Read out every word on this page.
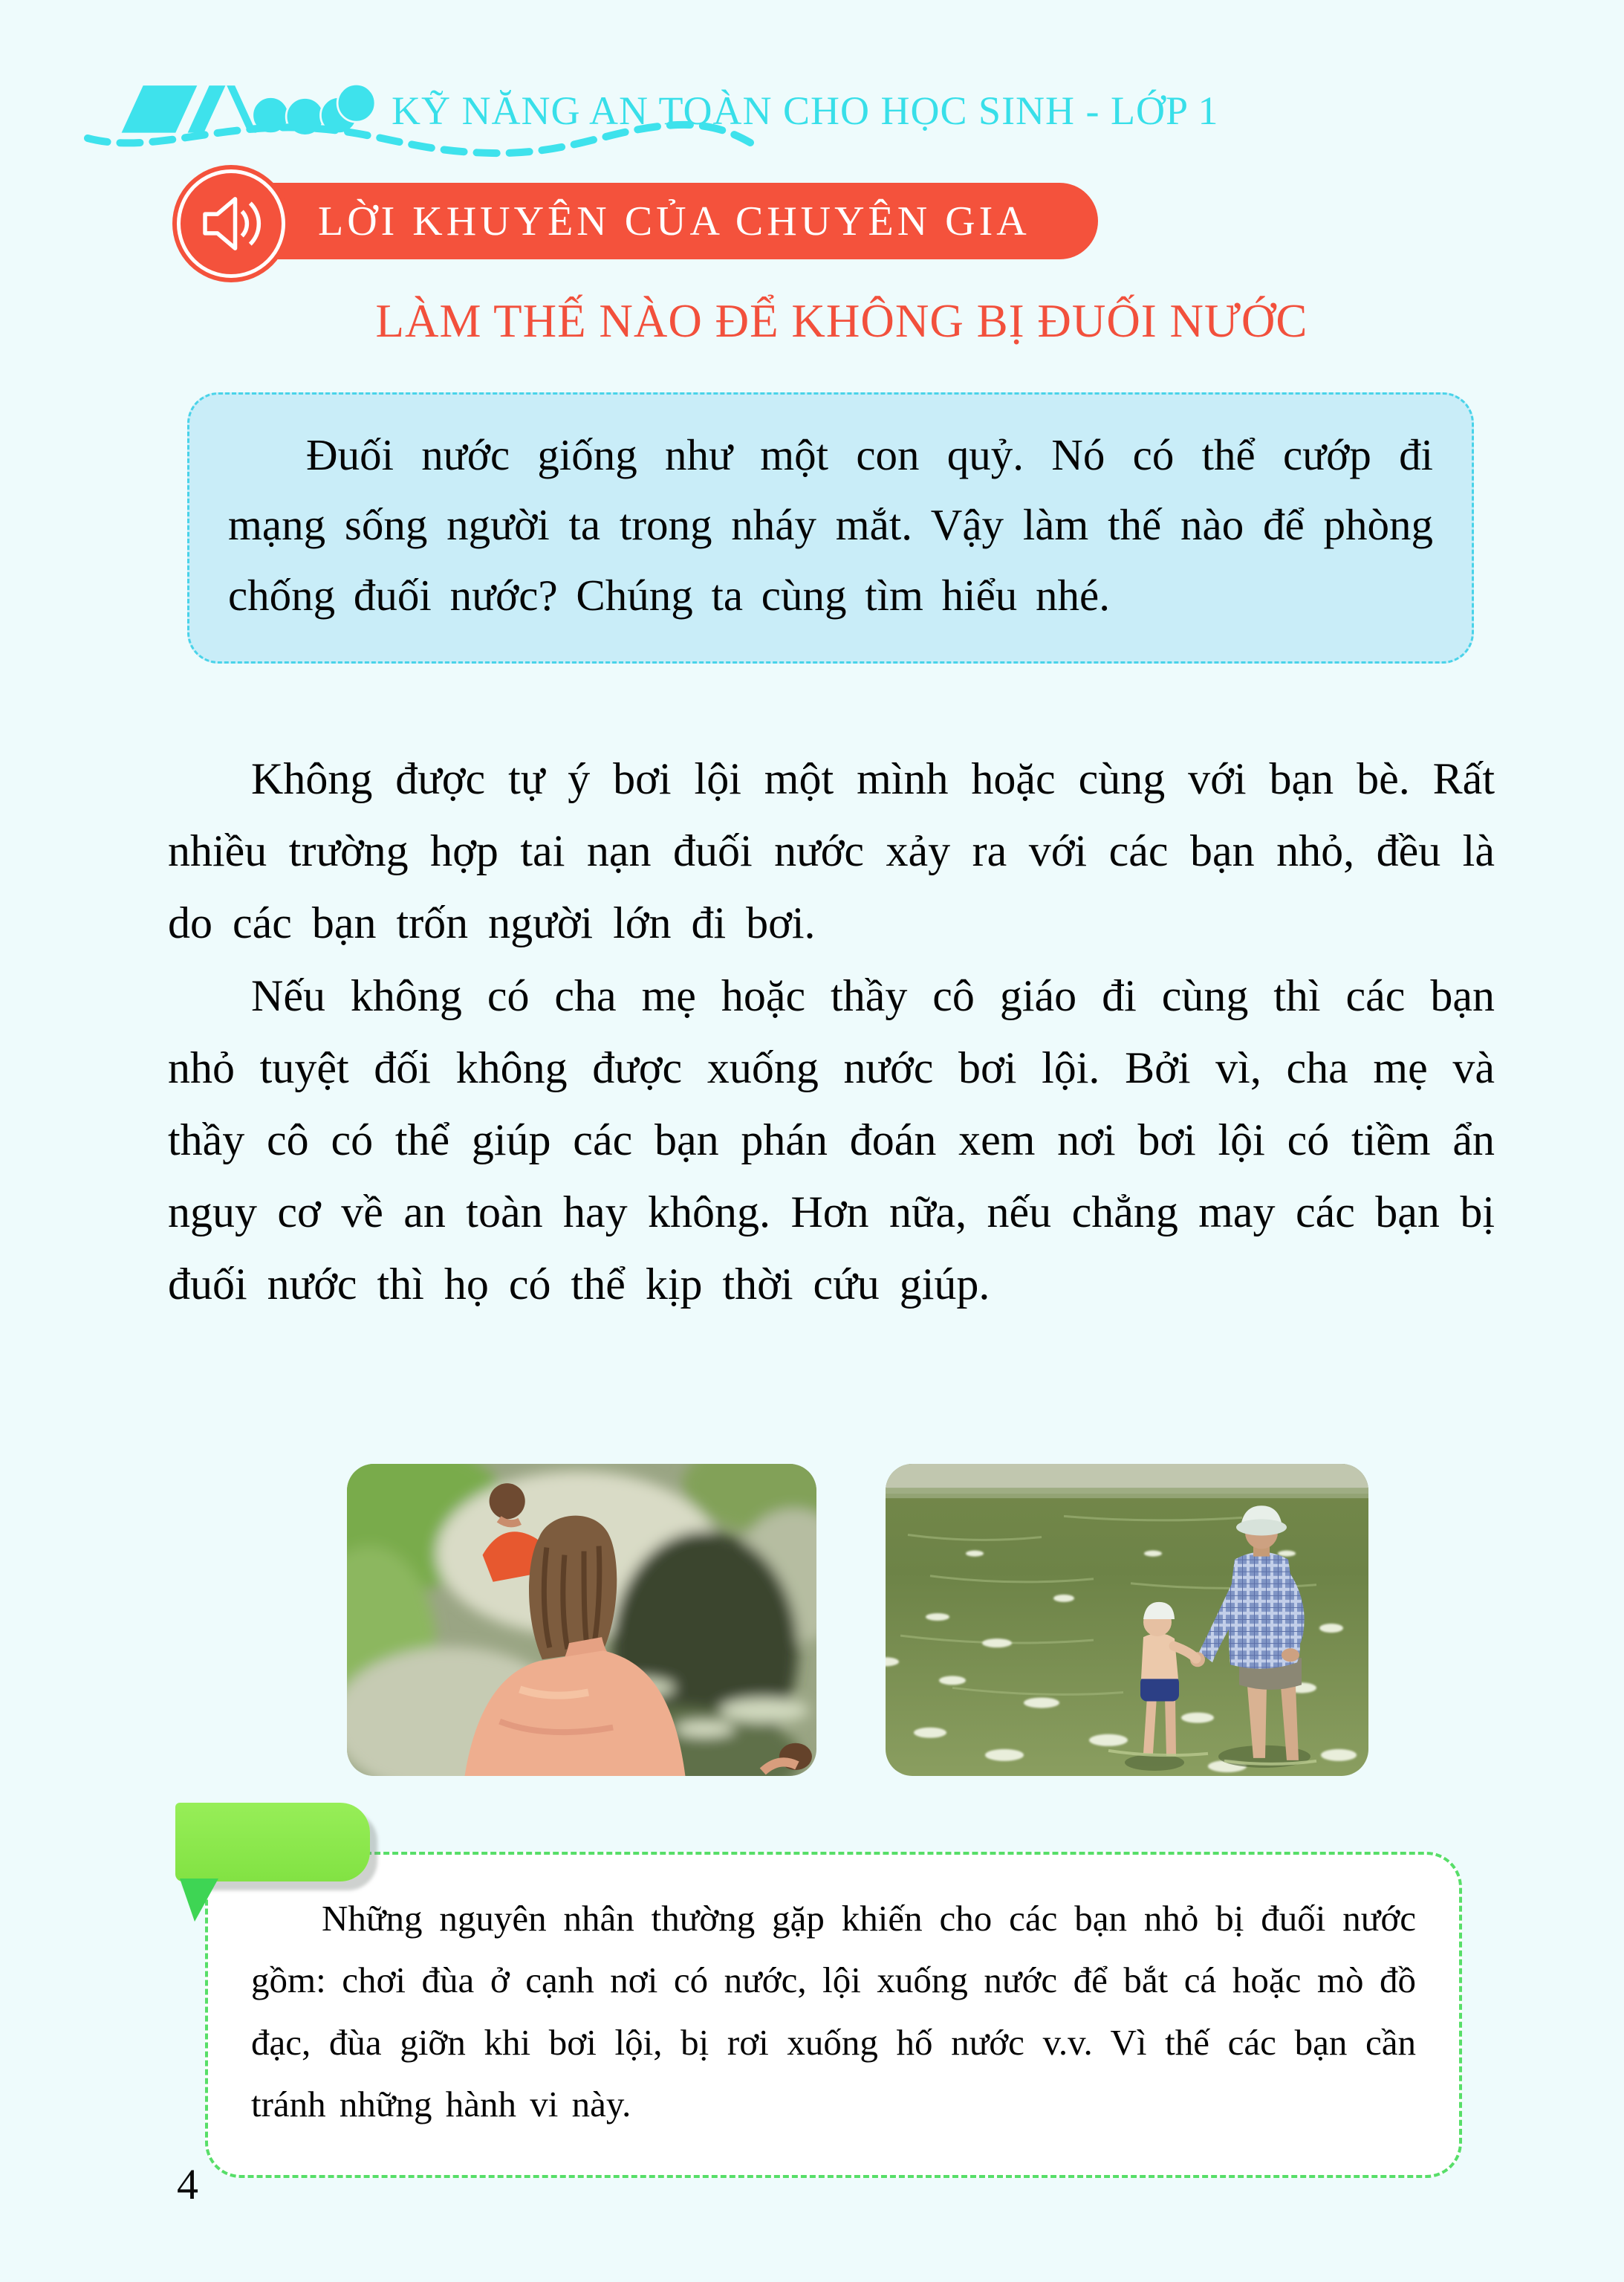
KỸ NĂNG AN TOÀN CHO HỌC SINH - LỚP 1
LỜI KHUYÊN CỦA CHUYÊN GIA
LÀM THẾ NÀO ĐỂ KHÔNG BỊ ĐUỐI NƯỚC
Đuối nước giống như một con quỷ. Nó có thể cướp đi mạng sống người ta trong nháy mắt. Vậy làm thế nào để phòng chống đuối nước? Chúng ta cùng tìm hiểu nhé.

Không được tự ý bơi lội một mình hoặc cùng với bạn bè. Rất nhiều trường hợp tai nạn đuối nước xảy ra với các bạn nhỏ, đều là do các bạn trốn người lớn đi bơi.

Nếu không có cha mẹ hoặc thầy cô giáo đi cùng thì các bạn nhỏ tuyệt đối không được xuống nước bơi lội. Bởi vì, cha mẹ và thầy cô có thể giúp các bạn phán đoán xem nơi bơi lội có tiềm ẩn nguy cơ về an toàn hay không. Hơn nữa, nếu chẳng may các bạn bị đuối nước thì họ có thể kịp thời cứu giúp.

Những nguyên nhân thường gặp khiến cho các bạn nhỏ bị đuối nước gồm: chơi đùa ở cạnh nơi có nước, lội xuống nước để bắt cá hoặc mò đồ đạc, đùa giỡn khi bơi lội, bị rơi xuống hố nước v.v. Vì thế các bạn cần tránh những hành vi này.
4
